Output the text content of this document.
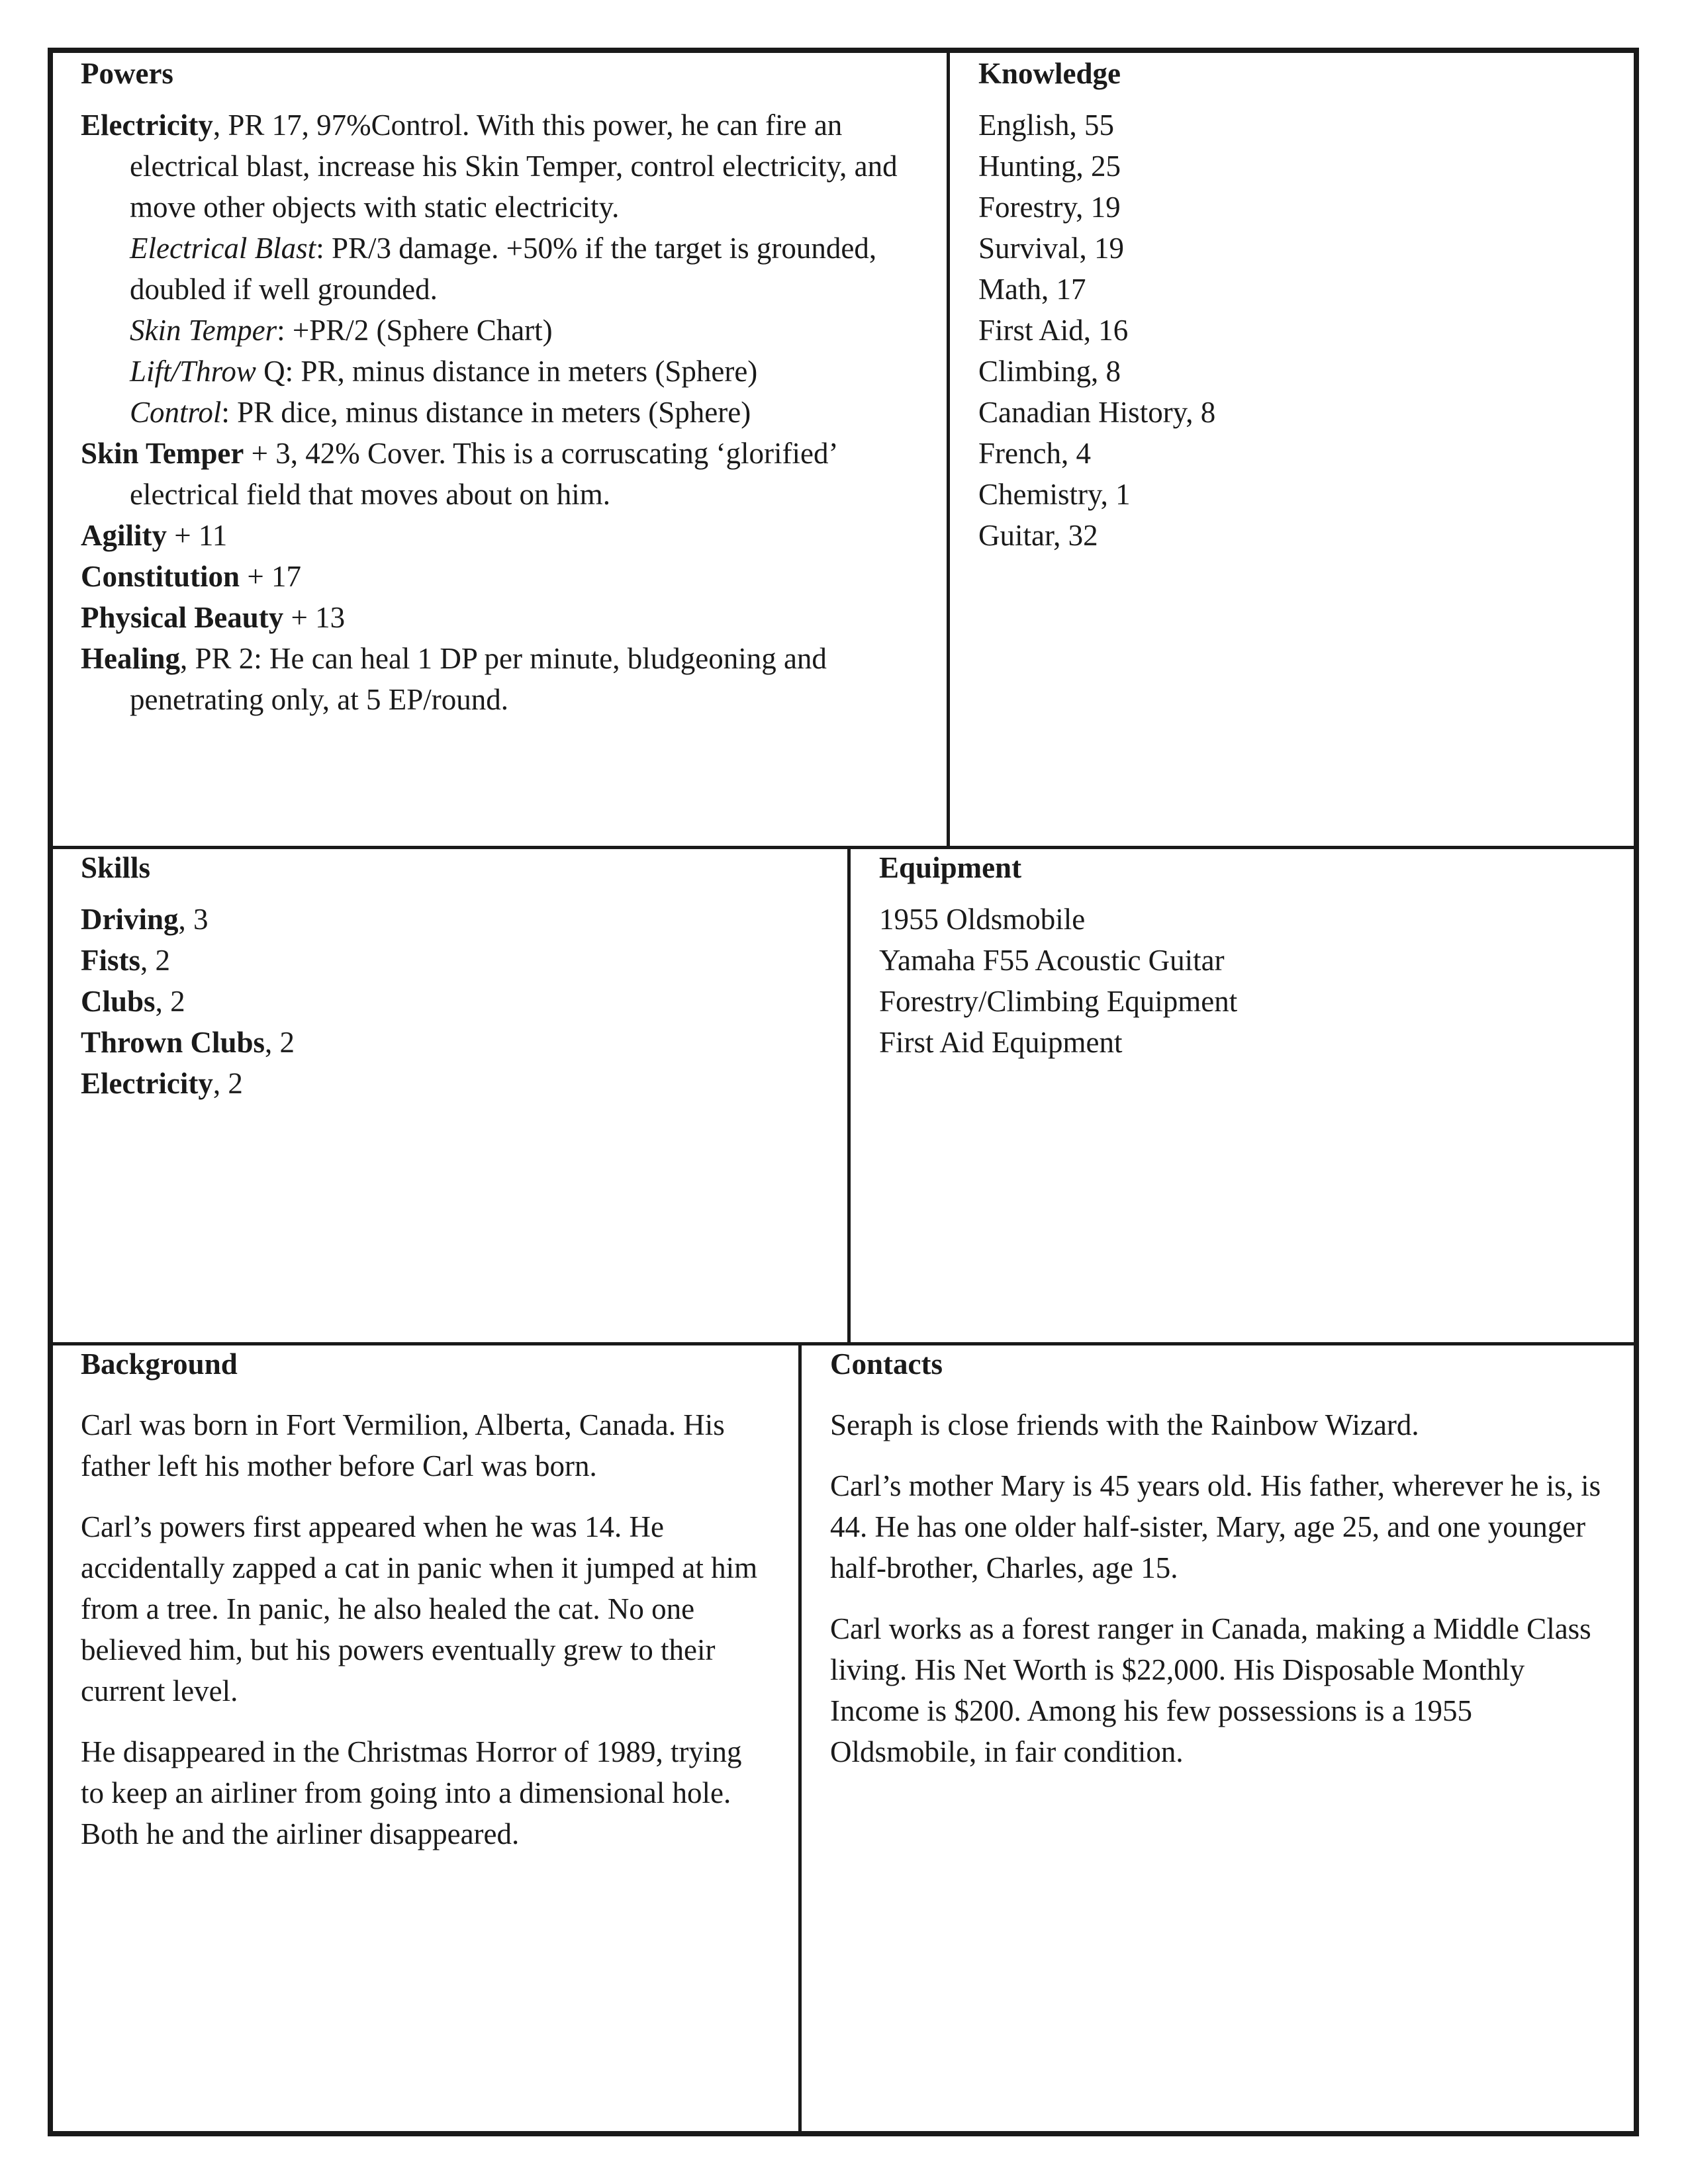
Powers

Electricity, PR 17, 97%Control. With this power, he can fire an electrical blast, increase his Skin Temper, control electricity, and move other objects with static electricity.

Electrical Blast: PR/3 damage. +50% if the target is grounded, doubled if well grounded.

Skin Temper: +PR/2 (Sphere Chart)

Lift/Throw Q: PR, minus distance in meters (Sphere)

Control: PR dice, minus distance in meters (Sphere)

Skin Temper + 3, 42% Cover. This is a corruscating ‘glorified’ electrical field that moves about on him.

Agility + 11

Constitution + 17

Physical Beauty + 13

Healing, PR 2: He can heal 1 DP per minute, bludgeoning and penetrating only, at 5 EP/round.

Knowledge

English, 55

Hunting, 25

Forestry, 19

Survival, 19

Math, 17

First Aid, 16

Climbing, 8

Canadian History, 8

French, 4

Chemistry, 1

Guitar, 32

Skills

Driving, 3

Fists, 2

Clubs, 2

Thrown Clubs, 2

Electricity, 2

Equipment

1955 Oldsmobile

Yamaha F55 Acoustic Guitar

Forestry/Climbing Equipment

First Aid Equipment

Background

Carl was born in Fort Vermilion, Alberta, Canada. His father left his mother before Carl was born.

Carl’s powers first appeared when he was 14. He accidentally zapped a cat in panic when it jumped at him from a tree. In panic, he also healed the cat. No one believed him, but his powers eventually grew to their current level.

He disappeared in the Christmas Horror of 1989, trying to keep an airliner from going into a dimensional hole. Both he and the airliner disappeared.

Contacts

Seraph is close friends with the Rainbow Wizard.

Carl’s mother Mary is 45 years old. His father, wherever he is, is 44. He has one older half-sister, Mary, age 25, and one younger half-brother, Charles, age 15.

Carl works as a forest ranger in Canada, making a Middle Class living. His Net Worth is $22,000. His Disposable Monthly Income is $200. Among his few possessions is a 1955 Oldsmobile, in fair condition.
